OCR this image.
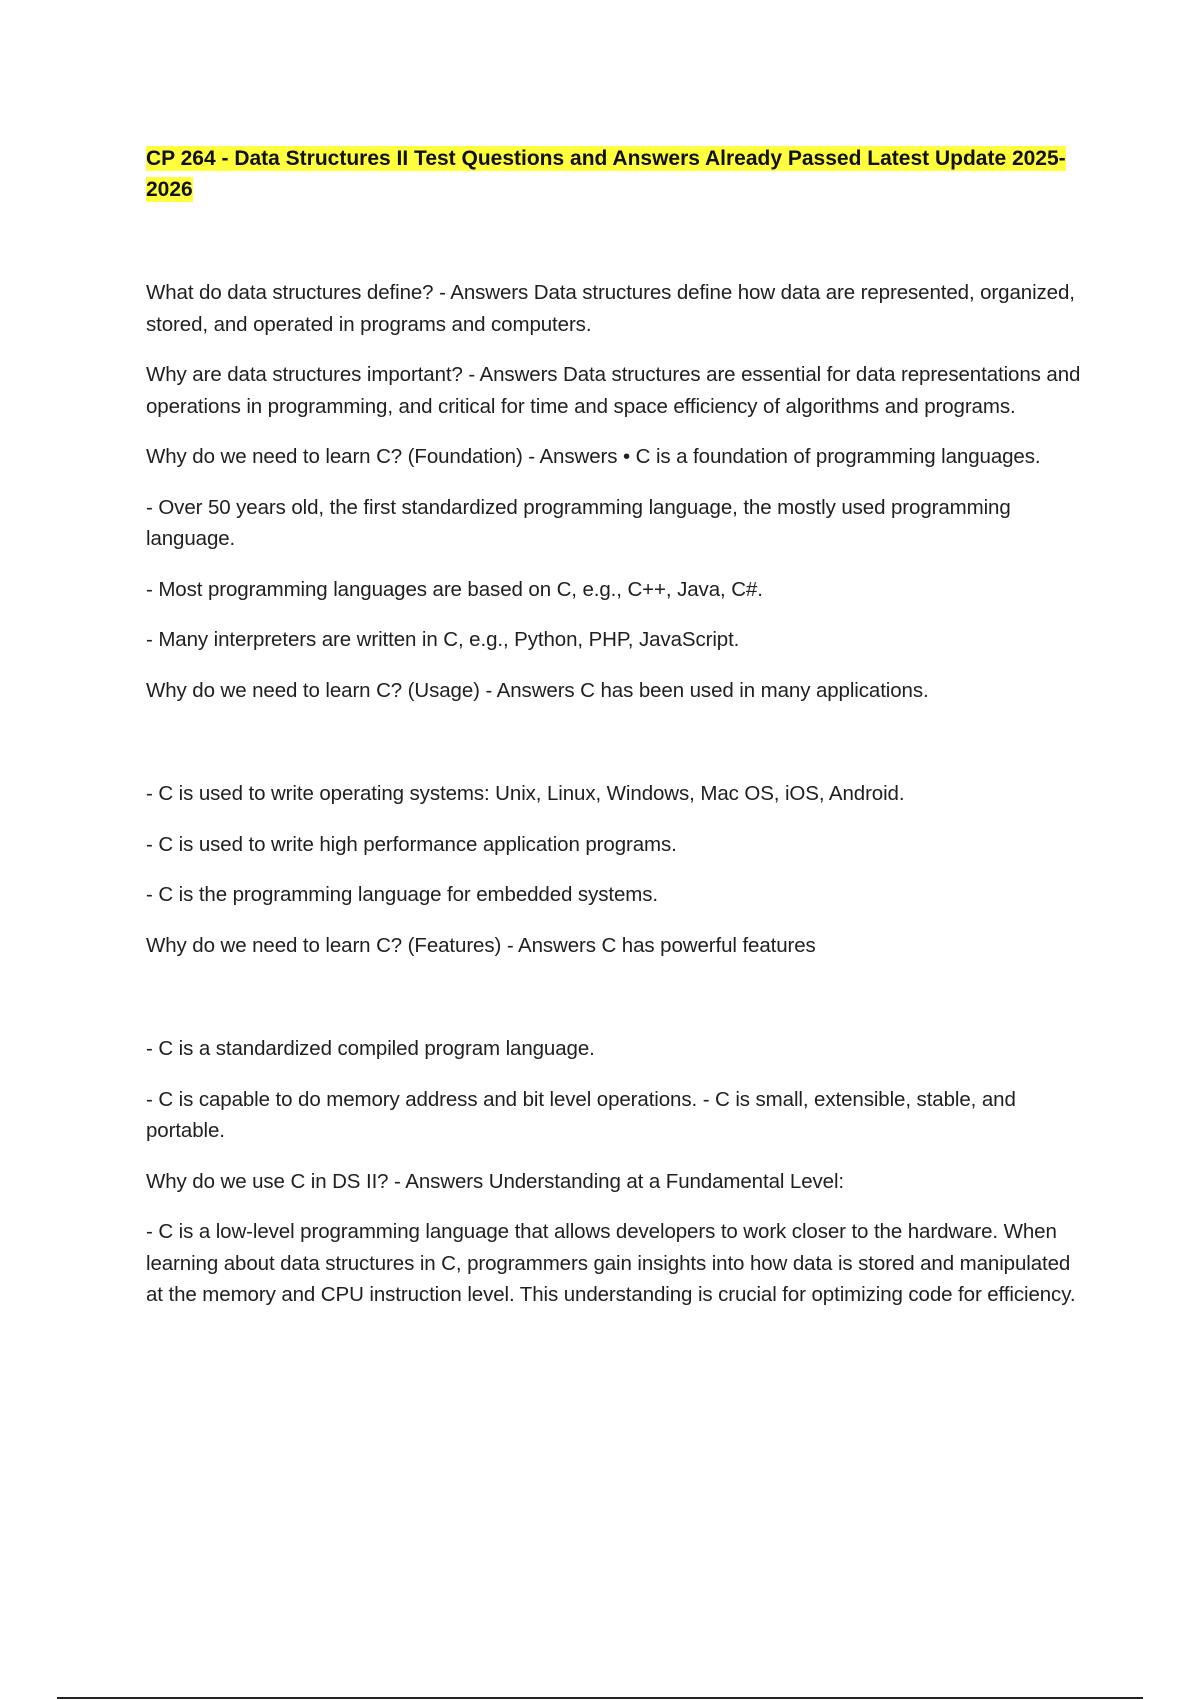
CP 264 - Data Structures II Test Questions and Answers Already Passed Latest Update 2025-2026

What do data structures define? - Answers Data structures define how data are represented, organized, stored, and operated in programs and computers.

Why are data structures important? - Answers Data structures are essential for data representations and operations in programming, and critical for time and space efficiency of algorithms and programs.

Why do we need to learn C? (Foundation) - Answers • C is a foundation of programming languages.

- Over 50 years old, the first standardized programming language, the mostly used programming language.

- Most programming languages are based on C, e.g., C++, Java, C#.

- Many interpreters are written in C, e.g., Python, PHP, JavaScript.

Why do we need to learn C? (Usage) - Answers C has been used in many applications.

- C is used to write operating systems: Unix, Linux, Windows, Mac OS, iOS, Android.

- C is used to write high performance application programs.

- C is the programming language for embedded systems.

Why do we need to learn C? (Features) - Answers C has powerful features

- C is a standardized compiled program language.

- C is capable to do memory address and bit level operations. - C is small, extensible, stable, and portable.

Why do we use C in DS II? - Answers Understanding at a Fundamental Level:

- C is a low-level programming language that allows developers to work closer to the hardware. When learning about data structures in C, programmers gain insights into how data is stored and manipulated at the memory and CPU instruction level. This understanding is crucial for optimizing code for efficiency.
